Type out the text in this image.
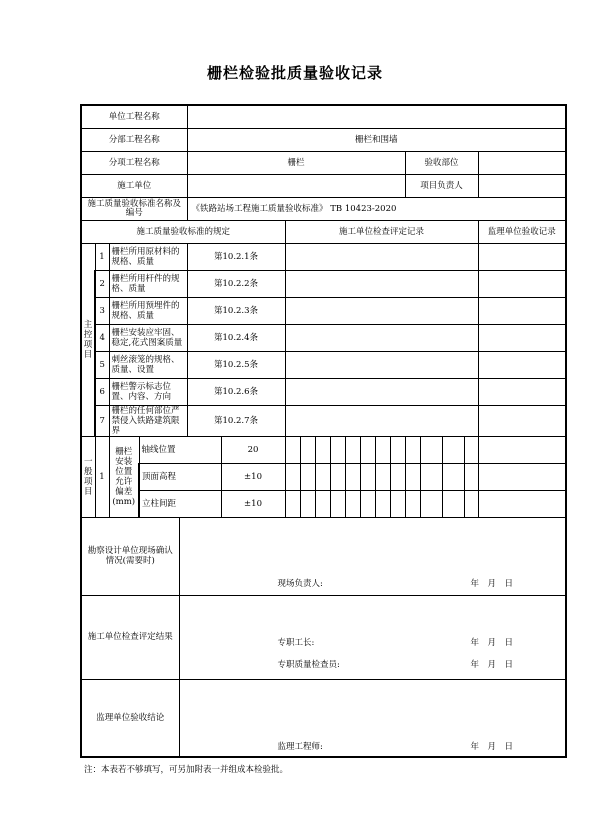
栅栏检验批质量验收记录
单位工程名称																			
分部工程名称					栅栏和围墙														
分项工程名称					栅栏										验收部位				
施工单位															项目负责人				
施工质量验收标准名称及编号					《铁路站场工程施工质量验收标准》 TB 10423-2020														
施工质量验收标准的规定							施工单位检查评定记录												监理单位验收记录
主控项目	1	栅栏所用原材料的规格、质量			第10.2.1条														
	2	栅栏所用杆件的规格、质量			第10.2.2条														
	3	栅栏所用预埋件的规格、质量			第10.2.3条														
	4	栅栏安装应牢固、稳定,花式图案质量			第10.2.4条														
	5	刺丝滚笼的规格、质量、设置			第10.2.5条														
	6	栅栏警示标志位置、内容、方向			第10.2.6条														
	7	栅栏的任何部位严禁侵入铁路建筑限界			第10.2.7条														
一般项目	1	栅栏安装位置允许偏差(mm)	轴线位置			20													
			顶面高程			±10													
			立柱间距			±10													
勘察设计单位现场确认情况(需要时)				现场负责人: 年　月　日															

施工单位检查评定结果				专职工长: 年　月　日
专职质量检查员: 年　月　日															

监理单位验收结论				监理工程师: 年　月　日															
注：本表若不够填写，可另加附表一并组成本检验批。
